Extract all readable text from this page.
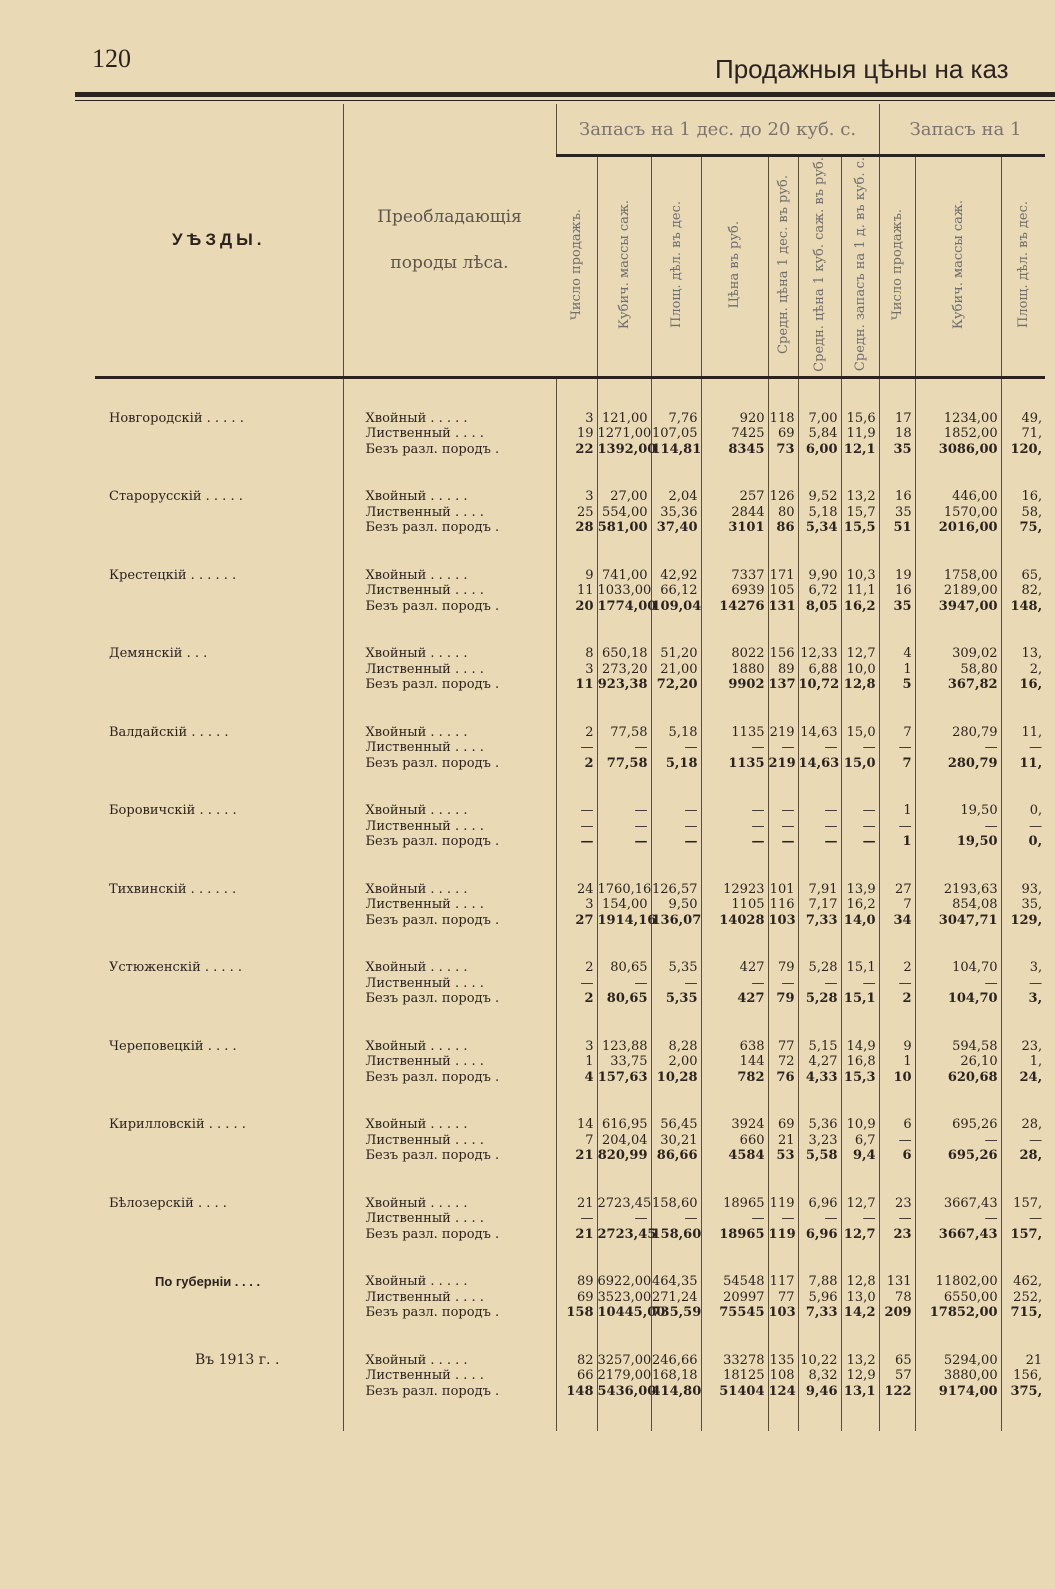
120	Продажныя цѣны на каз
УѢЗДЫ.	Преобладающія
породы лѣса.	Запасъ на 1 дес. до 20 куб. с.							Запасъ на 1		
		Число продажъ.	Кубич. массы саж.	Площ. дѣл. въ дес.	Цѣна въ руб.	Средн. цѣна 1 дес. въ руб.	Средн. цѣна 1 куб. саж. въ руб.	Средн. запасъ на 1 д. въ куб. с.	Число продажъ.	Кубич. массы саж.	Площ. дѣл. въ дес.

Новгородскій . . . . .	Хвойный . . . . .	3	121,00	7,76	920	118	7,00	15,6	17	1234,00	49,
	Лиственный . . . .	19	1271,00	107,05	7425	69	5,84	11,9	18	1852,00	71,
	Безъ разл. породъ .	22	1392,00	114,81	8345	73	6,00	12,1	35	3086,00	120,

Старорусскій . . . . .	Хвойный . . . . .	3	27,00	2,04	257	126	9,52	13,2	16	446,00	16,
	Лиственный . . . .	25	554,00	35,36	2844	80	5,18	15,7	35	1570,00	58,
	Безъ разл. породъ .	28	581,00	37,40	3101	86	5,34	15,5	51	2016,00	75,

Крестецкій . . . . . .	Хвойный . . . . .	9	741,00	42,92	7337	171	9,90	10,3	19	1758,00	65,
	Лиственный . . . .	11	1033,00	66,12	6939	105	6,72	11,1	16	2189,00	82,
	Безъ разл. породъ .	20	1774,00	109,04	14276	131	8,05	16,2	35	3947,00	148,

Демянскій . . .	Хвойный . . . . .	8	650,18	51,20	8022	156	12,33	12,7	4	309,02	13,
	Лиственный . . . .	3	273,20	21,00	1880	89	6,88	10,0	1	58,80	2,
	Безъ разл. породъ .	11	923,38	72,20	9902	137	10,72	12,8	5	367,82	16,

Валдайскій . . . . .	Хвойный . . . . .	2	77,58	5,18	1135	219	14,63	15,0	7	280,79	11,
	Лиственный . . . .	—	—	—	—	—	—	—	—	—	—
	Безъ разл. породъ .	2	77,58	5,18	1135	219	14,63	15,0	7	280,79	11,

Боровичскій . . . . .	Хвойный . . . . .	—	—	—	—	—	—	—	1	19,50	0,
	Лиственный . . . .	—	—	—	—	—	—	—	—	—	—
	Безъ разл. породъ .	—	—	—	—	—	—	—	1	19,50	0,

Тихвинскій . . . . . .	Хвойный . . . . .	24	1760,16	126,57	12923	101	7,91	13,9	27	2193,63	93,
	Лиственный . . . .	3	154,00	9,50	1105	116	7,17	16,2	7	854,08	35,
	Безъ разл. породъ .	27	1914,16	136,07	14028	103	7,33	14,0	34	3047,71	129,

Устюженскій . . . . .	Хвойный . . . . .	2	80,65	5,35	427	79	5,28	15,1	2	104,70	3,
	Лиственный . . . .	—	—	—	—	—	—	—	—	—	—
	Безъ разл. породъ .	2	80,65	5,35	427	79	5,28	15,1	2	104,70	3,

Череповецкій . . . .	Хвойный . . . . .	3	123,88	8,28	638	77	5,15	14,9	9	594,58	23,
	Лиственный . . . .	1	33,75	2,00	144	72	4,27	16,8	1	26,10	1,
	Безъ разл. породъ .	4	157,63	10,28	782	76	4,33	15,3	10	620,68	24,

Кирилловскій . . . . .	Хвойный . . . . .	14	616,95	56,45	3924	69	5,36	10,9	6	695,26	28,
	Лиственный . . . .	7	204,04	30,21	660	21	3,23	6,7	—	—	—
	Безъ разл. породъ .	21	820,99	86,66	4584	53	5,58	9,4	6	695,26	28,

Бѣлозерскій . . . .	Хвойный . . . . .	21	2723,45	158,60	18965	119	6,96	12,7	23	3667,43	157,
	Лиственный . . . .	—	—	—	—	—	—	—	—	—	—
	Безъ разл. породъ .	21	2723,45	158,60	18965	119	6,96	12,7	23	3667,43	157,

По губерніи . . . .	Хвойный . . . . .	89	6922,00	464,35	54548	117	7,88	12,8	131	11802,00	462,
	Лиственный . . . .	69	3523,00	271,24	20997	77	5,96	13,0	78	6550,00	252,
	Безъ разл. породъ .	158	10445,00	735,59	75545	103	7,33	14,2	209	17852,00	715,

Въ 1913 г. .	Хвойный . . . . .	82	3257,00	246,66	33278	135	10,22	13,2	65	5294,00	21
	Лиственный . . . .	66	2179,00	168,18	18125	108	8,32	12,9	57	3880,00	156,
	Безъ разл. породъ .	148	5436,00	414,80	51404	124	9,46	13,1	122	9174,00	375,
